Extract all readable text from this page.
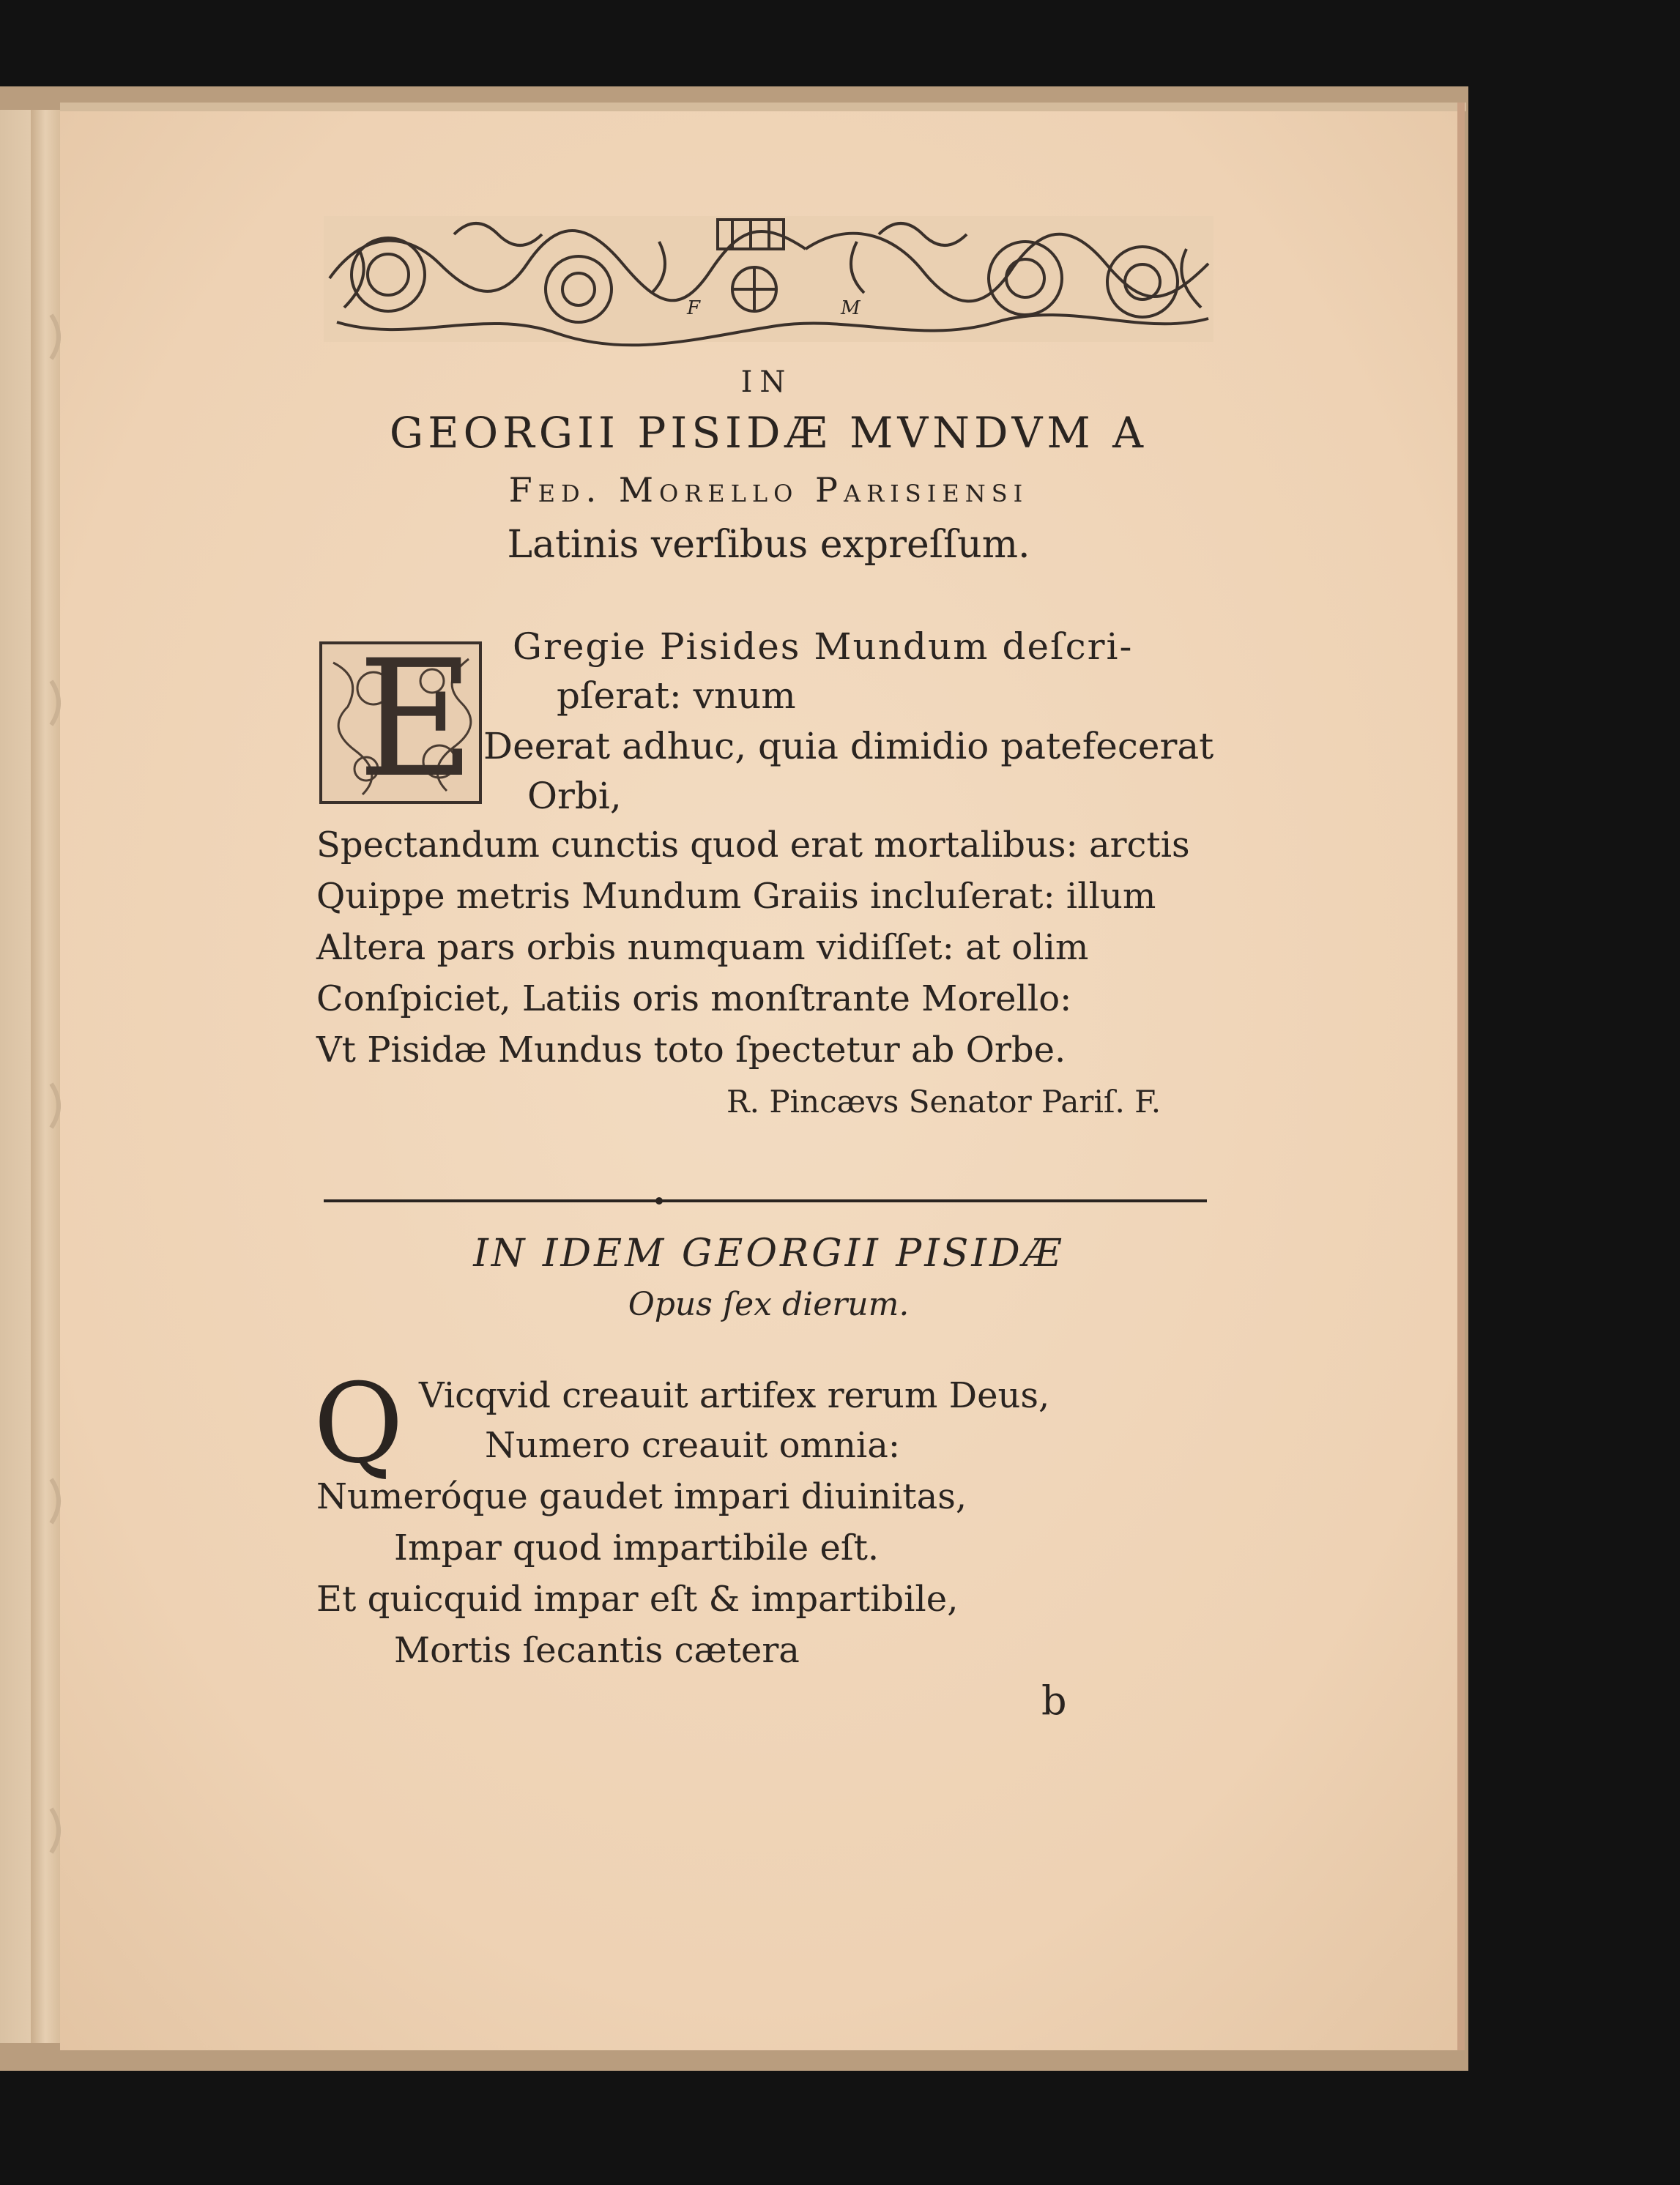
IN
GEORGII PISIDÆ MVNDVM A
Fed. Morello Parisiensi
Latinis verſibus expreſſum.
F	M
E Gregie Pisides Mundum deſcri-
pſerat: vnum
Deerat adhuc, quia dimidio patefecerat
Orbi,
Spectandum cunctis quod erat mortalibus: arctis
Quippe metris Mundum Graiis incluſerat: illum
Altera pars orbis numquam vidiſſet: at olim
Conſpiciet, Latiis oris monſtrante Morello:
Vt Pisidæ Mundus toto ſpectetur ab Orbe.
R. Pincævs Senator Pariſ. F.
IN IDEM GEORGII PISIDÆ
Opus ſex dierum.
Q Vicqvid creauit artifex rerum Deus,
Numero creauit omnia:
Numeróque gaudet impari diuinitas,
Impar quod impartibile eſt.
Et quicquid impar eſt & impartibile,
Mortis ſecantis cætera
b
